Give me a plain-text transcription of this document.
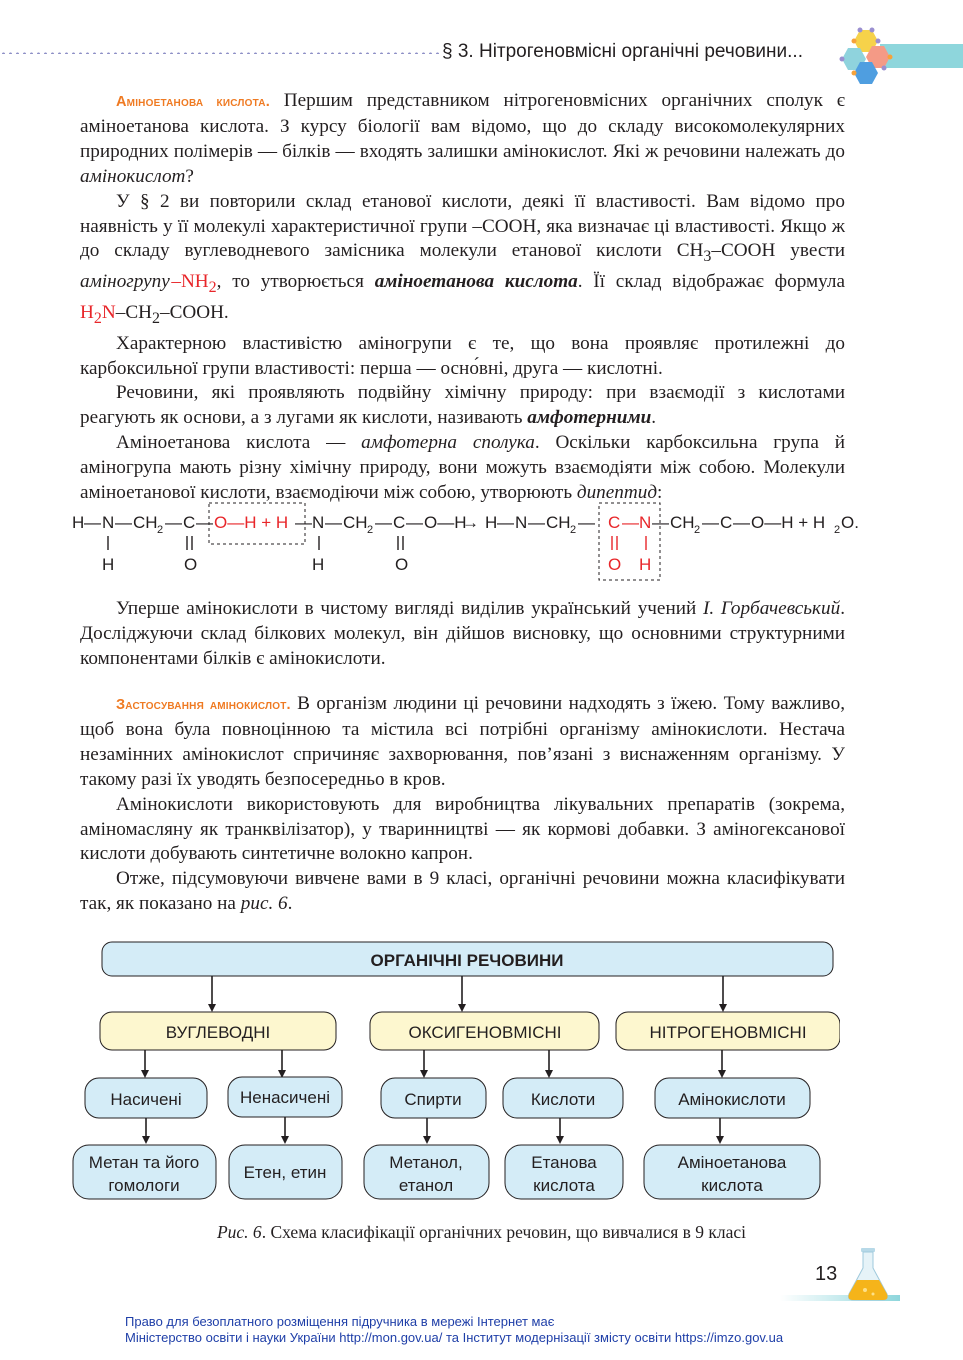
§ 3. Нітрогеновмісні органічні речовини...

Аміноетанова кислота. Першим представником нітрогеновмісних органічних сполук є аміноетанова кислота. З курсу біології вам відомо, що до складу високомолекулярних природних полімерів — білків — входять залишки амінокислот. Які ж речовини належать до амінокислот?

У § 2 ви повторили склад етанової кислоти, деякі її властивості. Вам відомо про наявність у її молекулі характеристичної групи –COOH, яка визначає ці властивості. Якщо ж до складу вуглеводневого замісника молекули етанової кислоти $CH_3$–COOH увести аміногрупу $-NH_2$, то утворюється аміноетанова кислота. Її склад відображає формула $H_2N-CH_2$–COOH.

Характерною властивістю аміногрупи є те, що вона проявляє протилежні до карбоксильної групи властивості: перша — осно́вні, друга — кислотні.

Речовини, які проявляють подвійну хімічну природу: при взаємодії з кислотами реагують як основи, а з лугами як кислоти, називають амфотерними.

Аміноетанова кислота — амфотерна сполука. Оскільки карбоксильна група й аміногрупа мають різну хімічну природу, вони можуть взаємодіяти між собою. Молекули аміноетанової кислоти, взаємодіючи між собою, утворюють дипептид:

H — N — CH 2 — C — O—H + H —
H	O
N — CH 2 — C — O—H
H	O
→ H — N — CH 2 — C — N — CH 2 — C — O—H + H 2 O.
O H

Уперше амінокислоти в чистому вигляді виділив український учений І. Горбачевський. Досліджуючи склад білкових молекул, він дійшов висновку, що основними структурними компонентами білків є амінокислоти.

Застосування амінокислот. В організм людини ці речовини надходять з їжею. Тому важливо, щоб вона була повноцінною та містила всі потрібні організму амінокислоти. Нестача незамінних амінокислот спричиняє захворювання, пов’язані з виснаженням організму. У такому разі їх уводять безпосередньо в кров.

Амінокислоти використовують для виробництва лікувальних препаратів (зокрема, аміномасляну як транквілізатор), у тваринництві — як кормові добавки. З аміногексанової кислоти добувають синтетичне волокно капрон.

Отже, підсумовуючи вивчене вами в 9 класі, органічні речовини можна класифікувати так, як показано на рис. 6.

ОРГАНІЧНІ РЕЧОВИНИ
ВУГЛЕВОДНІ	ОКСИГЕНОВМІСНІ	НІТРОГЕНОВМІСНІ
Насичені	Ненасичені	Спирти	Кислоти	Амінокислоти
Метан та його
гомологи
Етен, етин
Метанол,
етанол
Етанова
кислота
Аміноетанова
кислота
Рис. 6. Схема класифікації органічних речовин, що вивчалися в 9 класі
13
Право для безоплатного розміщення підручника в мережі Інтернет має
Міністерство освіти і науки України http://mon.gov.ua/ та Інститут модернізації змісту освіти https://imzo.gov.ua
